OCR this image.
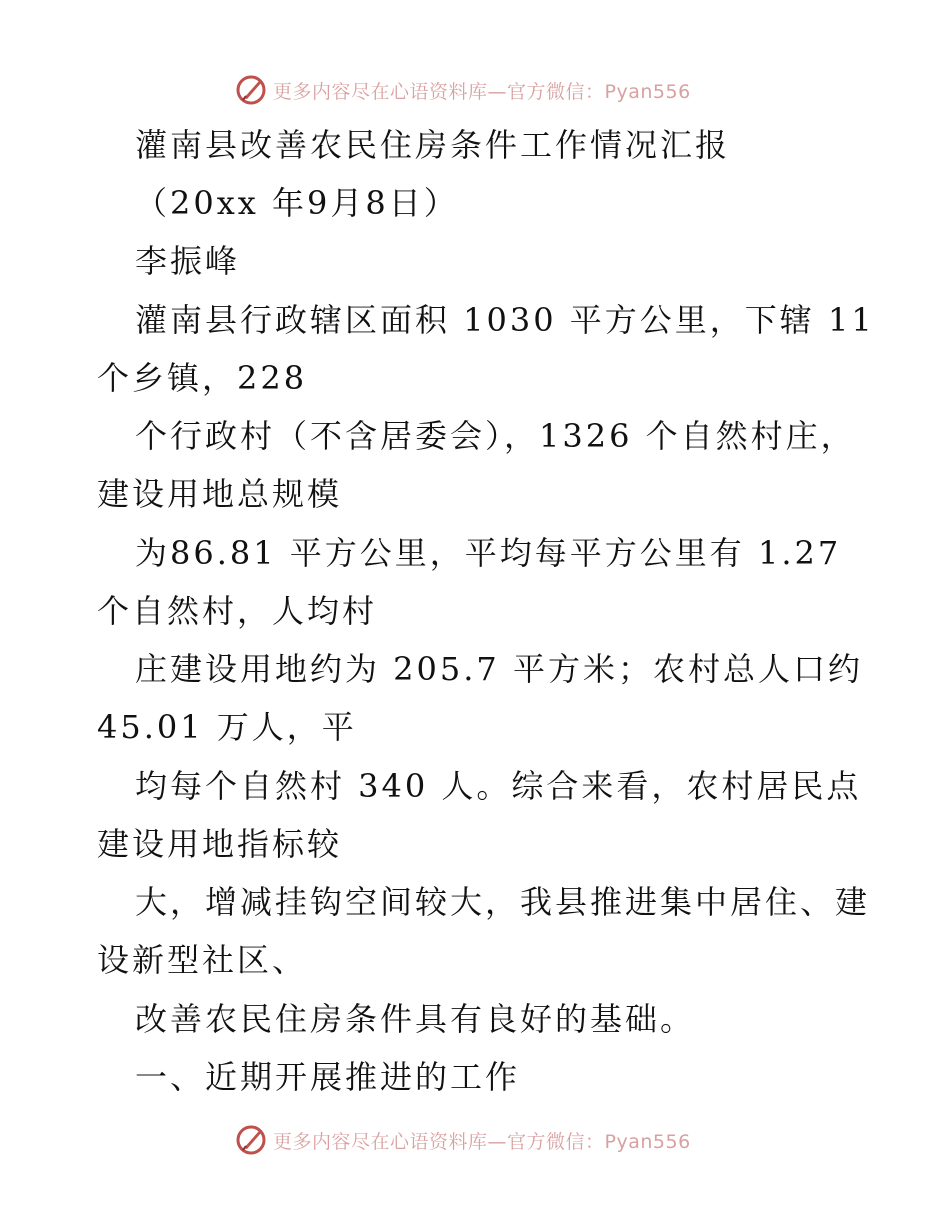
更多内容尽在心语资料库—官方微信：Pyan556
灌南县改善农民住房条件工作情况汇报
（20xx 年9月8日）
李振峰
灌南县行政辖区面积 1030 平方公里，下辖 11
个乡镇，228
个行政村（不含居委会），1326 个自然村庄，
建设用地总规模
为86.81 平方公里，平均每平方公里有 1.27
个自然村，人均村
庄建设用地约为 205.7 平方米；农村总人口约
45.01 万人，平
均每个自然村 340 人。综合来看，农村居民点
建设用地指标较
大，增减挂钩空间较大，我县推进集中居住、建
设新型社区、
改善农民住房条件具有良好的基础。
一、近期开展推进的工作
更多内容尽在心语资料库—官方微信：Pyan556
